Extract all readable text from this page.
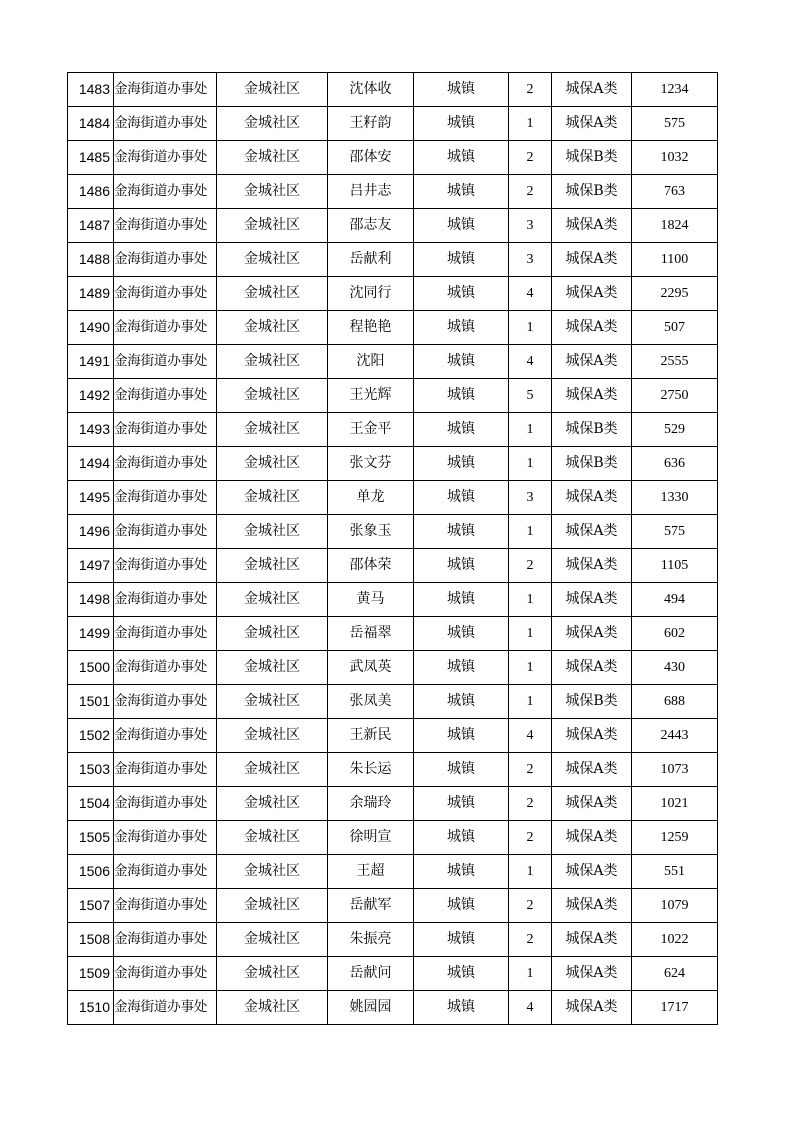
1483	金海街道办事处	金城社区	沈体收	城镇	2	城保A类	1234
1484	金海街道办事处	金城社区	王籽韵	城镇	1	城保A类	575
1485	金海街道办事处	金城社区	邵体安	城镇	2	城保B类	1032
1486	金海街道办事处	金城社区	吕井志	城镇	2	城保B类	763
1487	金海街道办事处	金城社区	邵志友	城镇	3	城保A类	1824
1488	金海街道办事处	金城社区	岳献利	城镇	3	城保A类	1100
1489	金海街道办事处	金城社区	沈同行	城镇	4	城保A类	2295
1490	金海街道办事处	金城社区	程艳艳	城镇	1	城保A类	507
1491	金海街道办事处	金城社区	沈阳	城镇	4	城保A类	2555
1492	金海街道办事处	金城社区	王光辉	城镇	5	城保A类	2750
1493	金海街道办事处	金城社区	王金平	城镇	1	城保B类	529
1494	金海街道办事处	金城社区	张文芬	城镇	1	城保B类	636
1495	金海街道办事处	金城社区	单龙	城镇	3	城保A类	1330
1496	金海街道办事处	金城社区	张象玉	城镇	1	城保A类	575
1497	金海街道办事处	金城社区	邵体荣	城镇	2	城保A类	1105
1498	金海街道办事处	金城社区	黄马	城镇	1	城保A类	494
1499	金海街道办事处	金城社区	岳福翠	城镇	1	城保A类	602
1500	金海街道办事处	金城社区	武凤英	城镇	1	城保A类	430
1501	金海街道办事处	金城社区	张凤美	城镇	1	城保B类	688
1502	金海街道办事处	金城社区	王新民	城镇	4	城保A类	2443
1503	金海街道办事处	金城社区	朱长运	城镇	2	城保A类	1073
1504	金海街道办事处	金城社区	余瑞玲	城镇	2	城保A类	1021
1505	金海街道办事处	金城社区	徐明宣	城镇	2	城保A类	1259
1506	金海街道办事处	金城社区	王超	城镇	1	城保A类	551
1507	金海街道办事处	金城社区	岳献军	城镇	2	城保A类	1079
1508	金海街道办事处	金城社区	朱振亮	城镇	2	城保A类	1022
1509	金海街道办事处	金城社区	岳献问	城镇	1	城保A类	624
1510	金海街道办事处	金城社区	姚园园	城镇	4	城保A类	1717
